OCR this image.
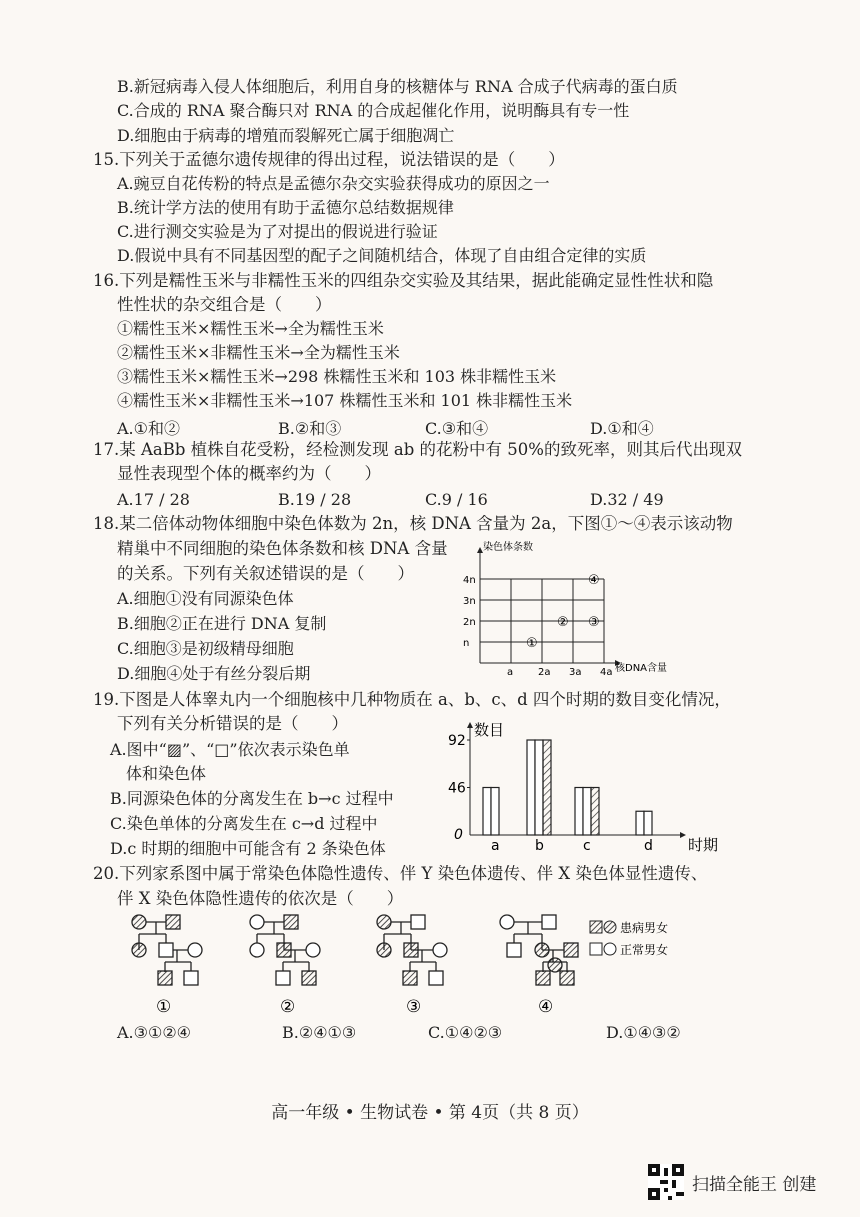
B.新冠病毒入侵人体细胞后，利用自身的核糖体与 RNA 合成子代病毒的蛋白质
C.合成的 RNA 聚合酶只对 RNA 的合成起催化作用，说明酶具有专一性
D.细胞由于病毒的增殖而裂解死亡属于细胞凋亡
15.下列关于孟德尔遗传规律的得出过程，说法错误的是（　　）
A.豌豆自花传粉的特点是孟德尔杂交实验获得成功的原因之一
B.统计学方法的使用有助于孟德尔总结数据规律
C.进行测交实验是为了对提出的假说进行验证
D.假说中具有不同基因型的配子之间随机结合，体现了自由组合定律的实质
16.下列是糯性玉米与非糯性玉米的四组杂交实验及其结果，据此能确定显性性状和隐
性性状的杂交组合是（　　）
①糯性玉米×糯性玉米→全为糯性玉米
②糯性玉米×非糯性玉米→全为糯性玉米
③糯性玉米×糯性玉米→298 株糯性玉米和 103 株非糯性玉米
④糯性玉米×非糯性玉米→107 株糯性玉米和 101 株非糯性玉米
A.①和②	B.②和③	C.③和④	D.①和④
17.某 AaBb 植株自花受粉，经检测发现 ab 的花粉中有 50%的致死率，则其后代出现双
显性表现型个体的概率约为（　　）
A.17 / 28	B.19 / 28	C.9 / 16	D.32 / 49
18.某二倍体动物体细胞中染色体数为 2n，核 DNA 含量为 2a，下图①～④表示该动物
精巢中不同细胞的染色体条数和核 DNA 含量
的关系。下列有关叙述错误的是（　　）
A.细胞①没有同源染色体
B.细胞②正在进行 DNA 复制
C.细胞③是初级精母细胞
D.细胞④处于有丝分裂后期
染色体条数
核DNA含量
4n
3n
2n
n
a 2a 3a 4a
①
② ③
④
19.下图是人体睾丸内一个细胞核中几种物质在 a、b、c、d 四个时期的数目变化情况，
下列有关分析错误的是（　　）
A.图中“▨”、“□”依次表示染色单
体和染色体
B.同源染色体的分离发生在 b→c 过程中
C.染色单体的分离发生在 c→d 过程中
D.c 时期的细胞中可能含有 2 条染色体
数目
时期
0
46
92
a	b	c	d
20.下列家系图中属于常染色体隐性遗传、伴 Y 染色体遗传、伴 X 染色体显性遗传、
伴 X 染色体隐性遗传的依次是（　　）
①	②	③	④
患病男女
正常男女
A.③①②④	B.②④①③	C.①④②③	D.①④③②
高一年级 • 生物试卷 • 第 4页（共 8 页）
扫描全能王 创建
